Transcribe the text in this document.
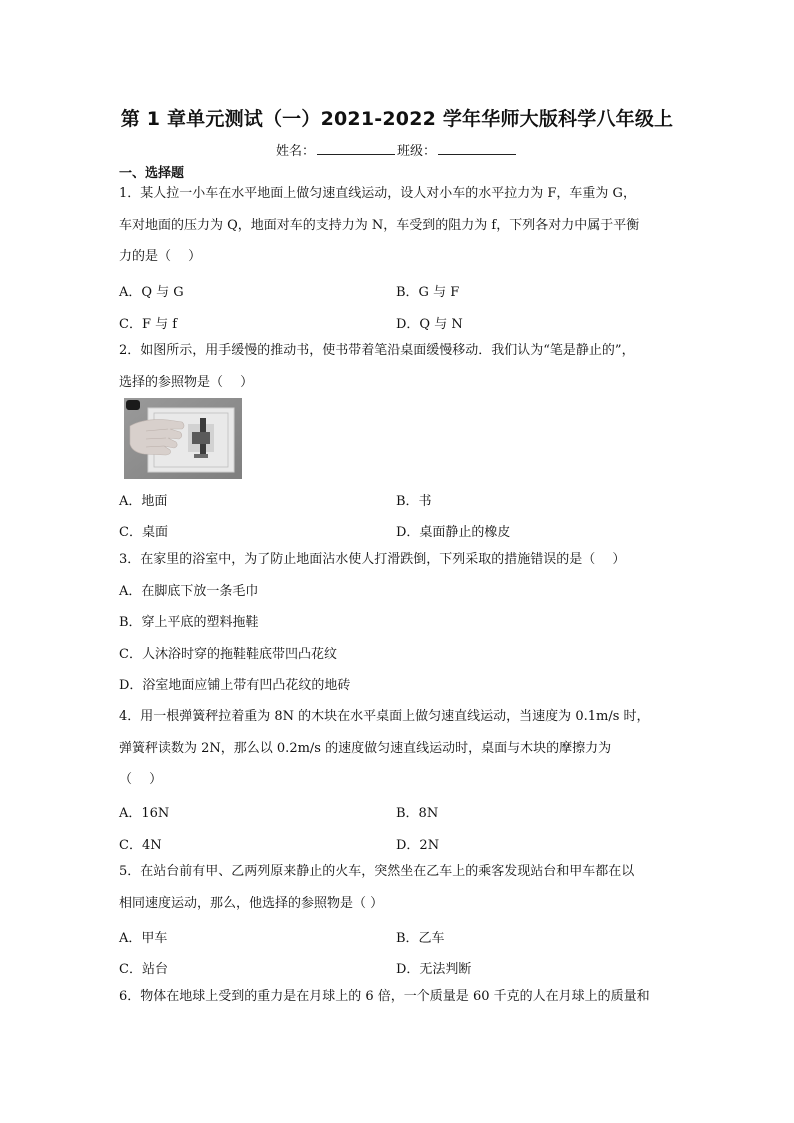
第 1 章单元测试（一）2021-2022 学年华师大版科学八年级上
姓名：	班级：
一、选择题
1．某人拉一小车在水平地面上做匀速直线运动，设人对小车的水平拉力为 F，车重为 G，
车对地面的压力为 Q，地面对车的支持力为 N，车受到的阻力为 f，下列各对力中属于平衡
力的是（　 ）
A．Q 与 G	B．G 与 F
C．F 与 f	D．Q 与 N
2．如图所示，用手缓慢的推动书，使书带着笔沿桌面缓慢移动．我们认为“笔是静止的”，
选择的参照物是（　 ）
A．地面	B．书
C．桌面	D．桌面静止的橡皮
3．在家里的浴室中，为了防止地面沾水使人打滑跌倒，下列采取的措施错误的是（　 ）
A．在脚底下放一条毛巾
B．穿上平底的塑料拖鞋
C．人沐浴时穿的拖鞋鞋底带凹凸花纹
D．浴室地面应铺上带有凹凸花纹的地砖
4．用一根弹簧秤拉着重为 8N 的木块在水平桌面上做匀速直线运动，当速度为 0.1m/s 时，
弹簧秤读数为 2N，那么以 0.2m/s 的速度做匀速直线运动时，桌面与木块的摩擦力为
（　 ）
A．16N	B．8N
C．4N	D．2N
5．在站台前有甲、乙两列原来静止的火车，突然坐在乙车上的乘客发现站台和甲车都在以
相同速度运动，那么，他选择的参照物是（ ）
A．甲车	B．乙车
C．站台	D．无法判断
6．物体在地球上受到的重力是在月球上的 6 倍，一个质量是 60 千克的人在月球上的质量和
